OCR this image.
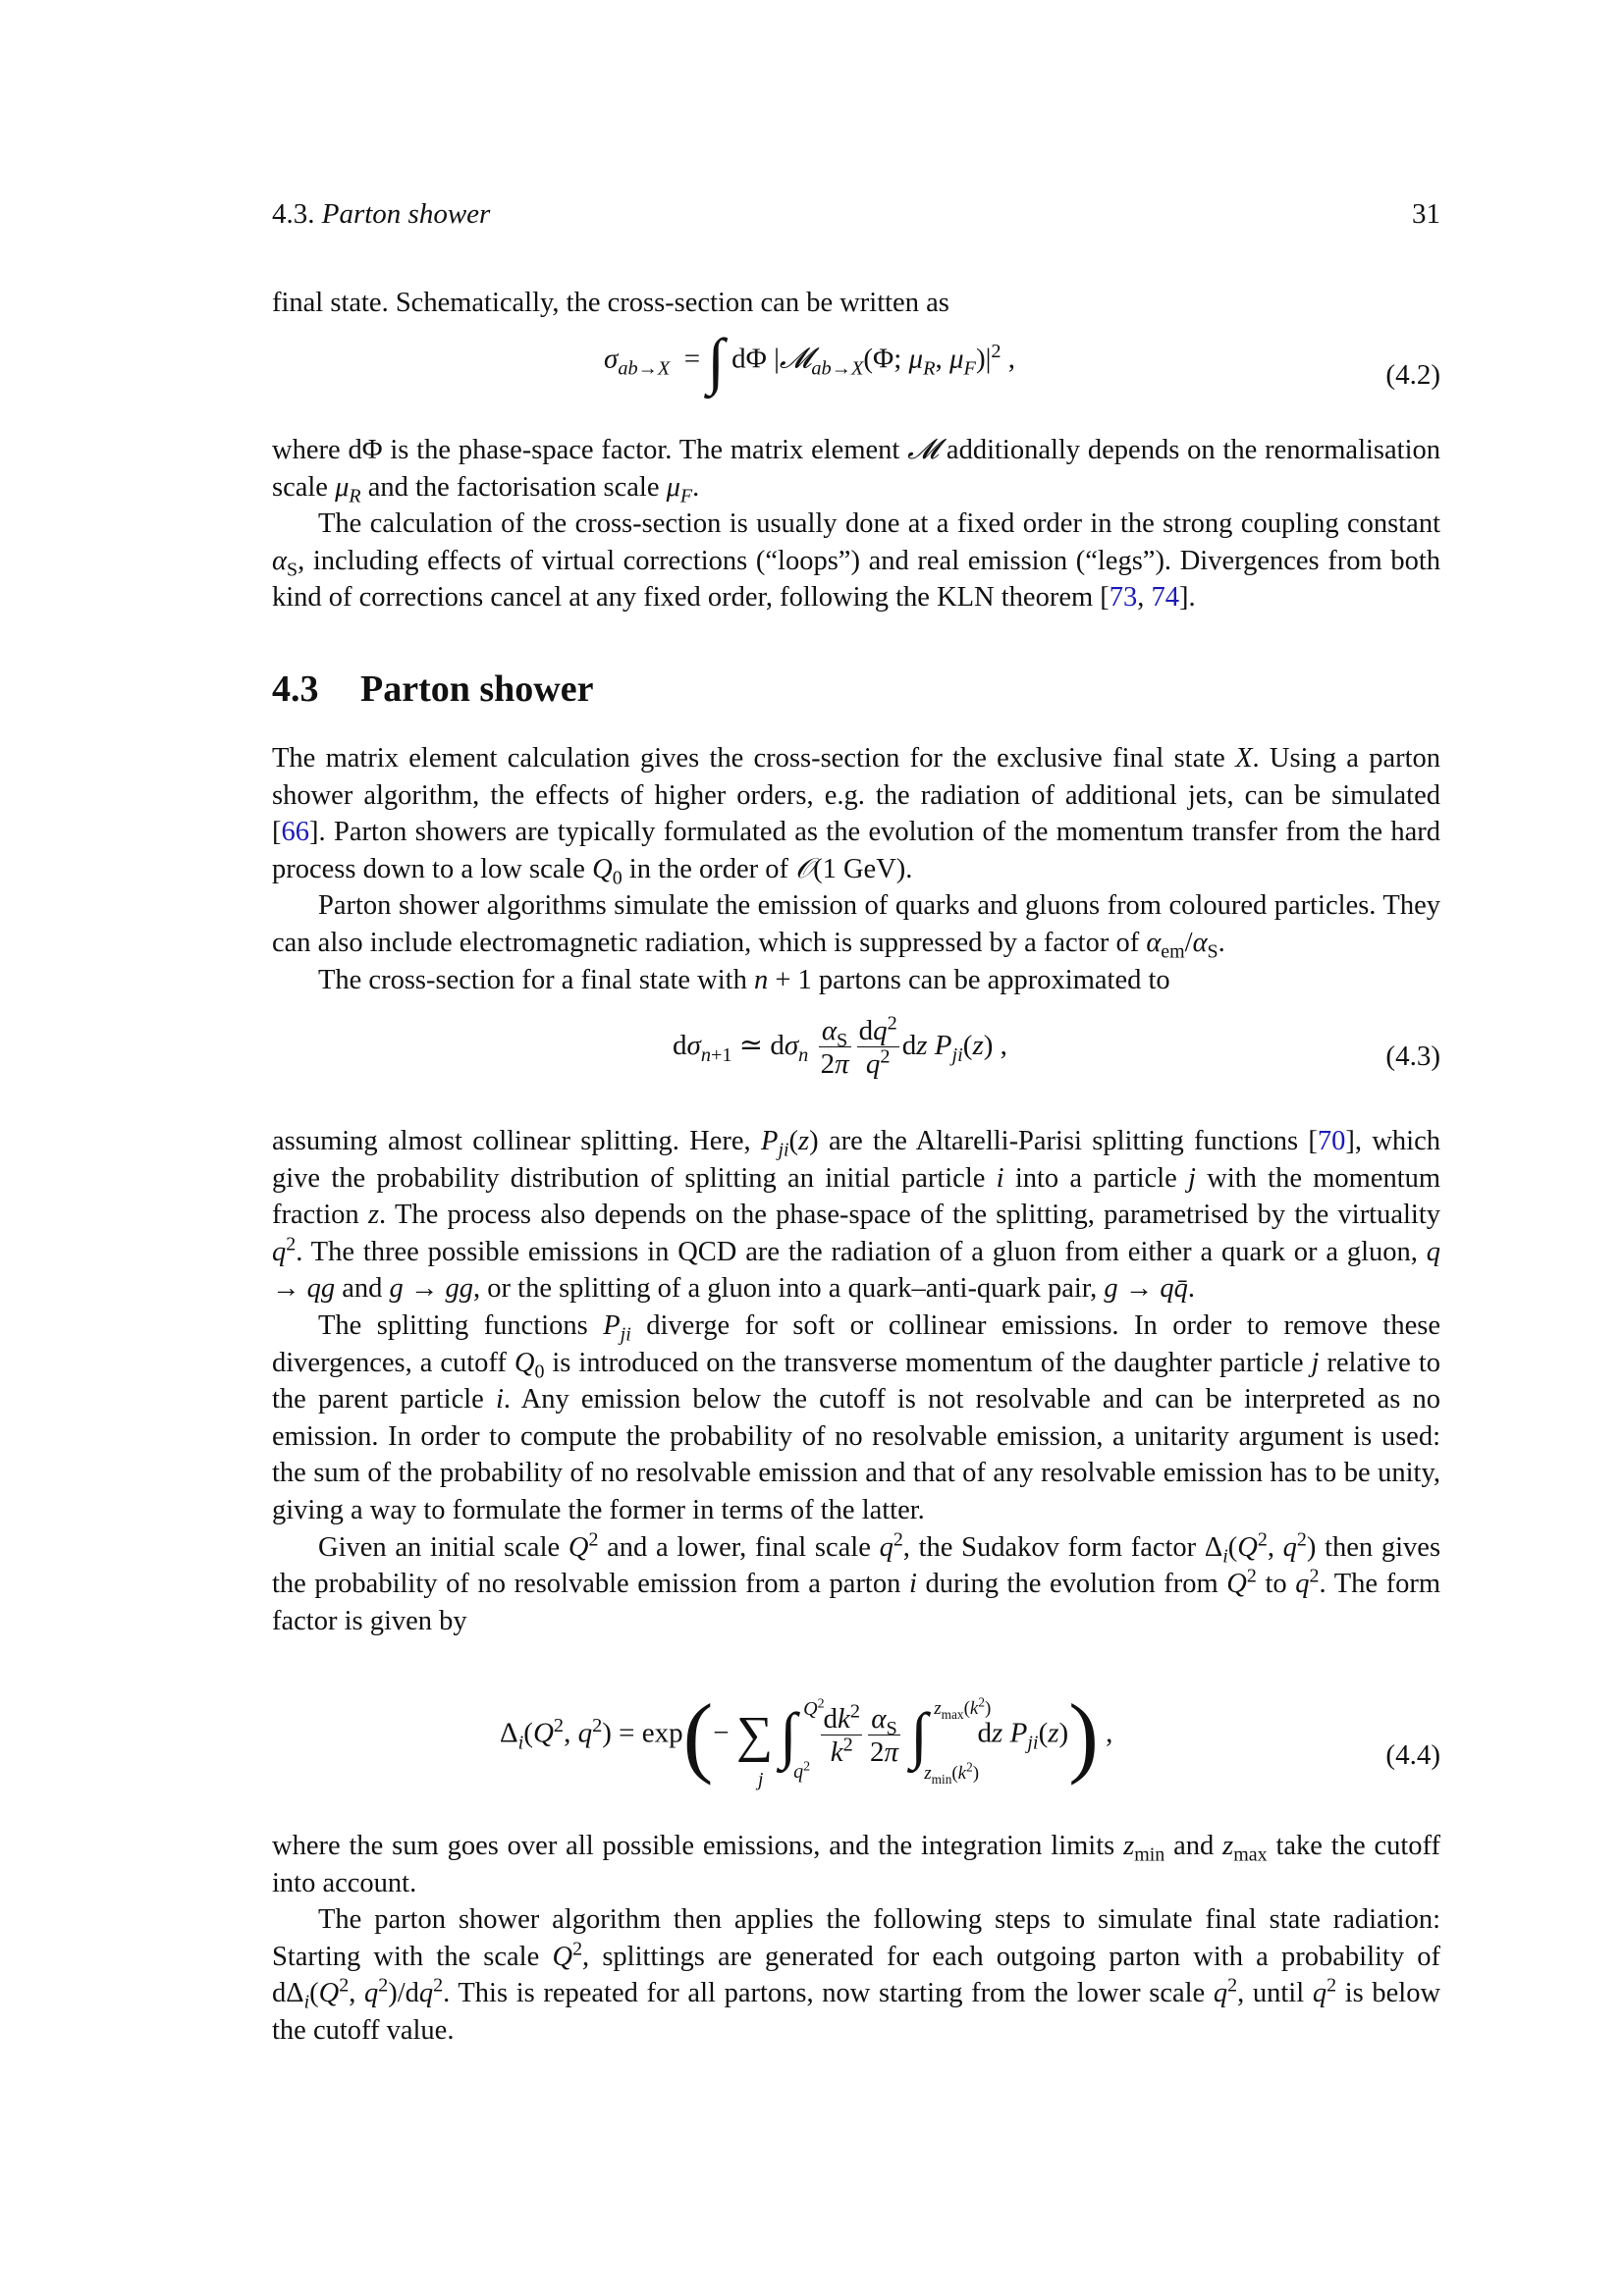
4.3. Parton shower	31

final state. Schematically, the cross-section can be written as

$\sigma_{ab\to X}$  = ∫ dΦ |𝓜$_{ab\to X}$(Φ; $\mu_R$, $\mu_F)|^2$ ,
(4.2)

where dΦ is the phase-space factor. The matrix element 𝓜 additionally depends on the renormalisation scale $\mu_R$ and the factorisation scale $\mu_F$.

The calculation of the cross-section is usually done at a fixed order in the strong coupling constant $\alpha_S$, including effects of virtual corrections (“loops”) and real emission (“legs”). Divergences from both kind of corrections cancel at any fixed order, following the KLN theorem [73, 74].

4.3 Parton shower

The matrix element calculation gives the cross-section for the exclusive final state X. Using a parton shower algorithm, the effects of higher orders, e.g. the radiation of additional jets, can be simulated [66]. Parton showers are typically formulated as the evolution of the momentum transfer from the hard process down to a low scale $Q_0$ in the order of 𝒪(1 GeV).

Parton shower algorithms simulate the emission of quarks and gluons from coloured particles. They can also include electromagnetic radiation, which is suppressed by a factor of $\alpha_{em}/\alpha_S$.

The cross-section for a final state with n + 1 partons can be approximated to

$d\sigma_{n+1}$ ≃ $d\sigma_n \frac{\alpha_S}{2\pi} \frac{dq^2}{q^2}$ dz $P_{ji}(z)$ ,	(4.3)

assuming almost collinear splitting. Here, $P_{ji}(z)$ are the Altarelli-Parisi splitting functions [70], which give the probability distribution of splitting an initial particle i into a particle j with the momentum fraction z. The process also depends on the phase-space of the splitting, parametrised by the virtuality $q^2$. The three possible emissions in QCD are the radiation of a gluon from either a quark or a gluon, q → qg and g → gg, or the splitting of a gluon into a quark–anti-quark pair, g → qq̄.

The splitting functions $P_{ji}$ diverge for soft or collinear emissions. In order to remove these divergences, a cutoff $Q_0$ is introduced on the transverse momentum of the daughter particle j relative to the parent particle i. Any emission below the cutoff is not resolvable and can be interpreted as no emission. In order to compute the probability of no resolvable emission, a unitarity argument is used: the sum of the probability of no resolvable emission and that of any resolvable emission has to be unity, giving a way to formulate the former in terms of the latter.

Given an initial scale $Q^2$ and a lower, final scale $q^2$, the Sudakov form factor $\Delta_i(Q^2$, $q^2$) then gives the probability of no resolvable emission from a parton i during the evolution from $Q^2$ to $q^2$. The form factor is given by

$\Delta_i(Q^2$, $q^2) = \exp(-$ ∑
j
∫ $Q^2$
$q^2$
$\frac{dk^2}{k^2} \frac{\alpha_S}{2\pi}$ ∫ $z_{max}(k^2)$
$z_{min}(k^2)$
dz $P_{ji}(z)$) ,
(4.4)

where the sum goes over all possible emissions, and the integration limits $z_{min}$ and $z_{max}$ take the cutoff into account.

The parton shower algorithm then applies the following steps to simulate final state radiation: Starting with the scale $Q^2$, splittings are generated for each outgoing parton with a probability of $d\Delta_i(Q^2$, $q^2)/dq^2$. This is repeated for all partons, now starting from the lower scale $q^2$, until $q^2$ is below the cutoff value.
